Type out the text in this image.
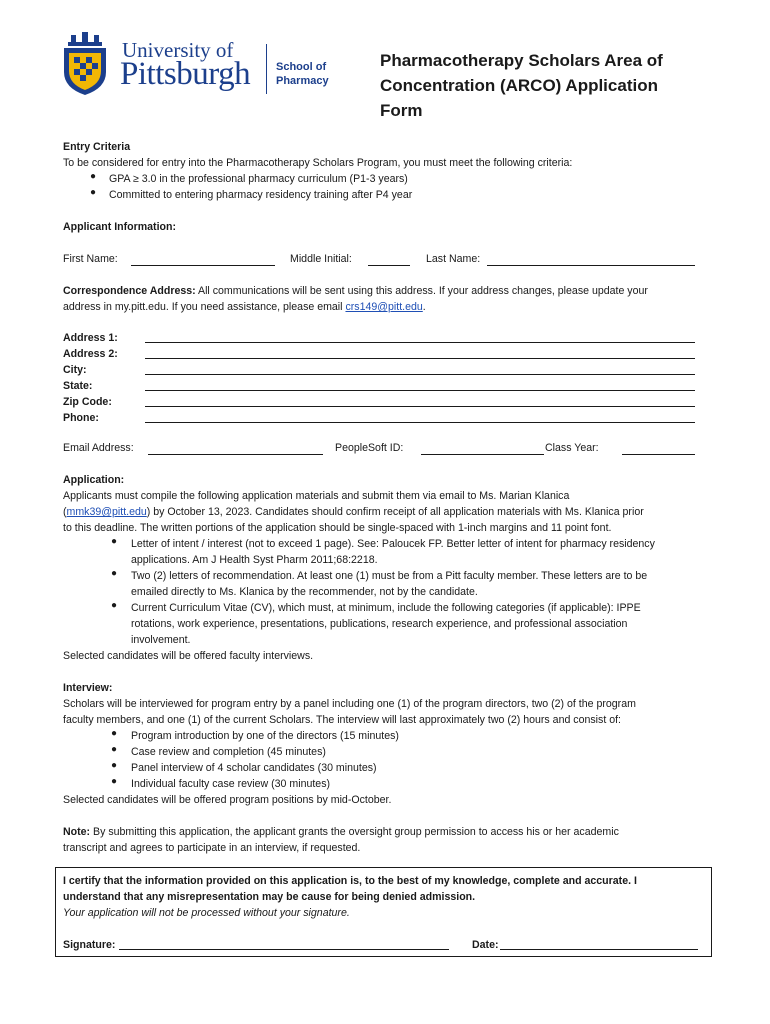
University of
Pittsburgh School of
Pharmacy
Pharmacotherapy Scholars Area of
Concentration (ARCO) Application
Form
Entry Criteria
To be considered for entry into the Pharmacotherapy Scholars Program, you must meet the following criteria:
● GPA ≥ 3.0 in the professional pharmacy curriculum (P1-3 years)
● Committed to entering pharmacy residency training after P4 year
Applicant Information:
First Name:	Middle Initial:	Last Name:
Correspondence Address: All communications will be sent using this address. If your address changes, please update your
address in my.pitt.edu. If you need assistance, please email crs149@pitt.edu.
Address 1:
Address 2:
City:
State:
Zip Code:
Phone:
Email Address:	PeopleSoft ID:	Class Year:
Application:
Applicants must compile the following application materials and submit them via email to Ms. Marian Klanica
(mmk39@pitt.edu) by October 13, 2023. Candidates should confirm receipt of all application materials with Ms. Klanica prior
to this deadline. The written portions of the application should be single-spaced with 1-inch margins and 11 point font.
● Letter of intent / interest (not to exceed 1 page). See: Paloucek FP. Better letter of intent for pharmacy residency
applications. Am J Health Syst Pharm 2011;68:2218.
● Two (2) letters of recommendation. At least one (1) must be from a Pitt faculty member. These letters are to be
emailed directly to Ms. Klanica by the recommender, not by the candidate.
● Current Curriculum Vitae (CV), which must, at minimum, include the following categories (if applicable): IPPE
rotations, work experience, presentations, publications, research experience, and professional association
involvement.
Selected candidates will be offered faculty interviews.
Interview:
Scholars will be interviewed for program entry by a panel including one (1) of the program directors, two (2) of the program
faculty members, and one (1) of the current Scholars. The interview will last approximately two (2) hours and consist of:
● Program introduction by one of the directors (15 minutes)
● Case review and completion (45 minutes)
● Panel interview of 4 scholar candidates (30 minutes)
● Individual faculty case review (30 minutes)
Selected candidates will be offered program positions by mid-October.
Note: By submitting this application, the applicant grants the oversight group permission to access his or her academic
transcript and agrees to participate in an interview, if requested.
I certify that the information provided on this application is, to the best of my knowledge, complete and accurate. I
understand that any misrepresentation may be cause for being denied admission.
Your application will not be processed without your signature.
Signature:	Date:
